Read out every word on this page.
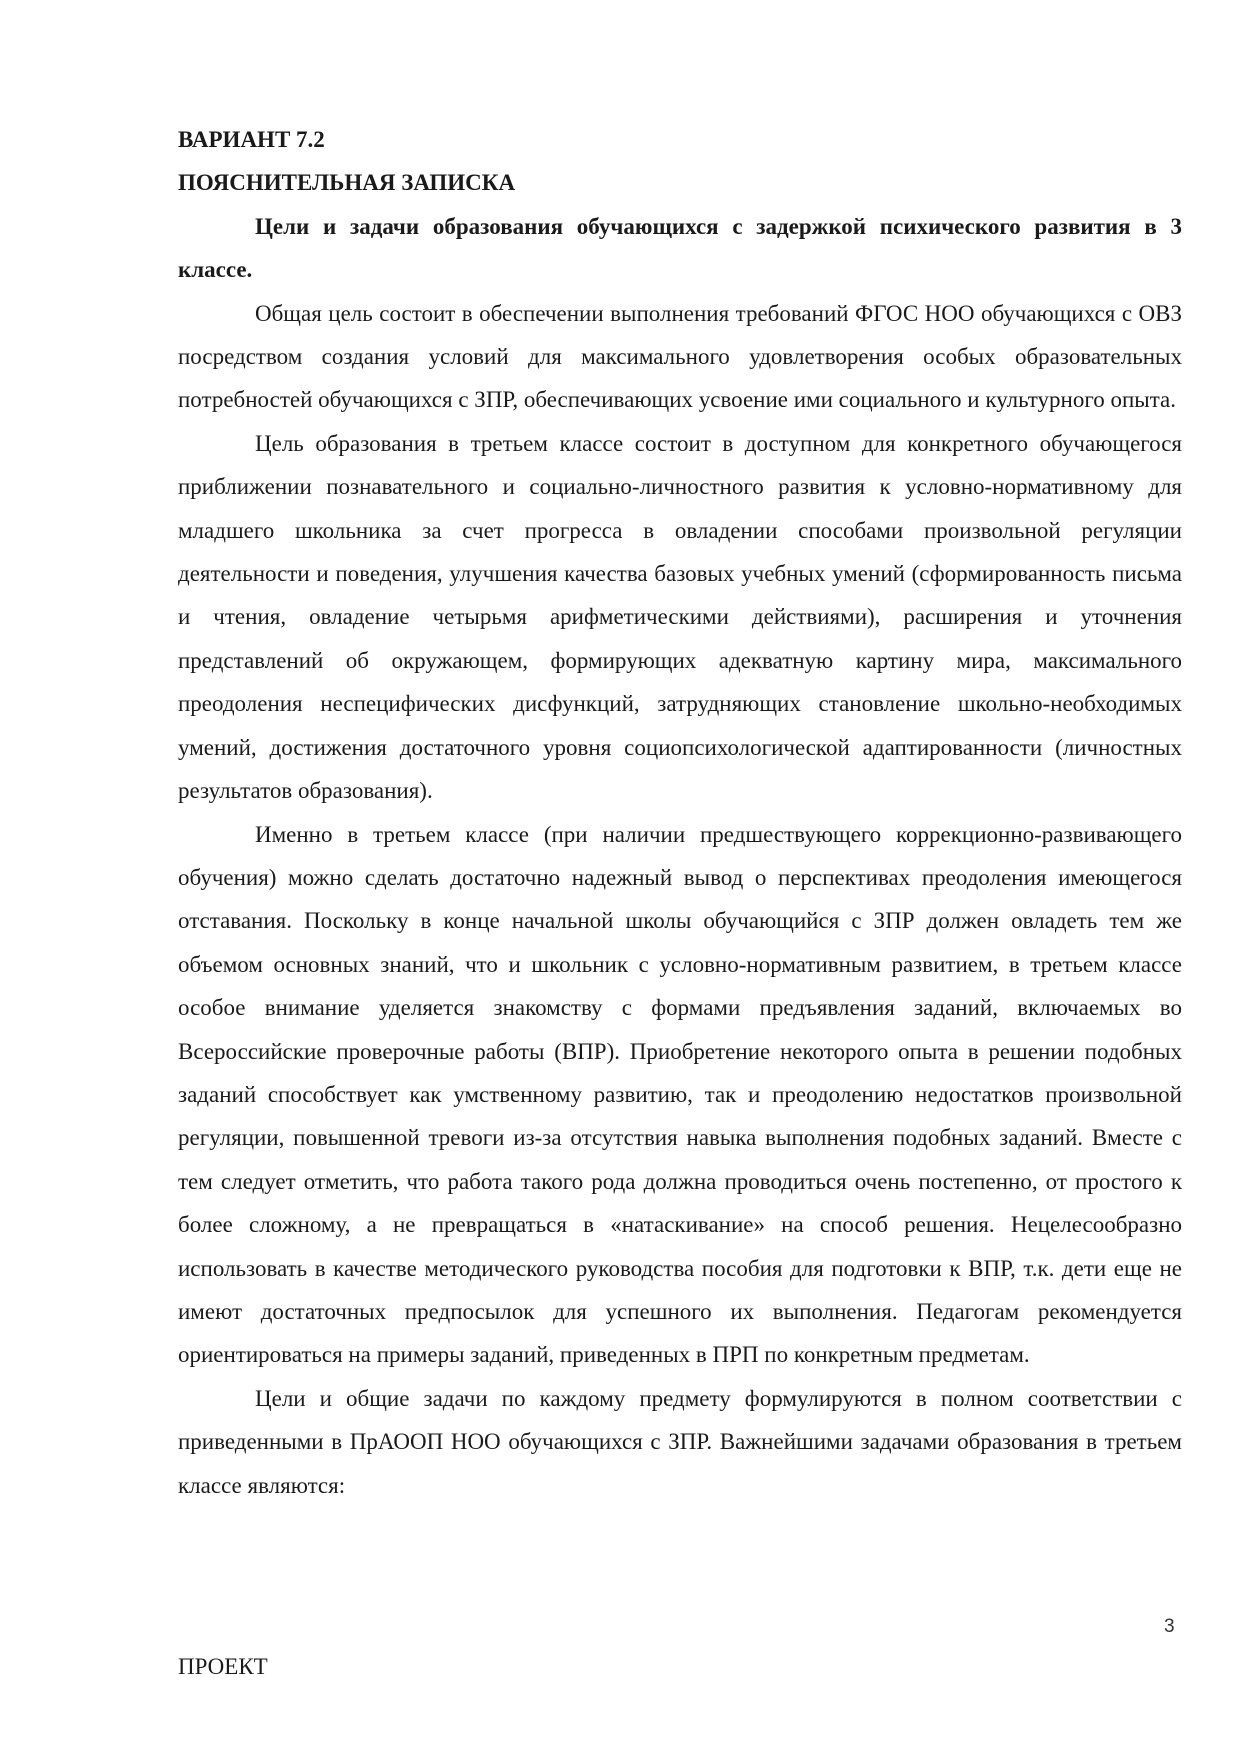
ВАРИАНТ 7.2

ПОЯСНИТЕЛЬНАЯ ЗАПИСКА

Цели и задачи образования обучающихся с задержкой психического развития в 3 классе.

Общая цель состоит в обеспечении выполнения требований ФГОС НОО обучающихся с ОВЗ посредством создания условий для максимального удовлетворения особых образовательных потребностей обучающихся с ЗПР, обеспечивающих усвоение ими социального и культурного опыта.

Цель образования в третьем классе состоит в доступном для конкретного обучающегося приближении познавательного и социально-личностного развития к условно-нормативному для младшего школьника за счет прогресса в овладении способами произвольной регуляции деятельности и поведения, улучшения качества базовых учебных умений (сформированность письма и чтения, овладение четырьмя арифметическими действиями), расширения и уточнения представлений об окружающем, формирующих адекватную картину мира, максимального преодоления неспецифических дисфункций, затрудняющих становление школьно-необходимых умений, достижения достаточного уровня социопсихологической адаптированности (личностных результатов образования).

Именно в третьем классе (при наличии предшествующего коррекционно-развивающего обучения) можно сделать достаточно надежный вывод о перспективах преодоления имеющегося отставания. Поскольку в конце начальной школы обучающийся с ЗПР должен овладеть тем же объемом основных знаний, что и школьник с условно-нормативным развитием, в третьем классе особое внимание уделяется знакомству с формами предъявления заданий, включаемых во Всероссийские проверочные работы (ВПР). Приобретение некоторого опыта в решении подобных заданий способствует как умственному развитию, так и преодолению недостатков произвольной регуляции, повышенной тревоги из-за отсутствия навыка выполнения подобных заданий. Вместе с тем следует отметить, что работа такого рода должна проводиться очень постепенно, от простого к более сложному, а не превращаться в «натаскивание» на способ решения. Нецелесообразно использовать в качестве методического руководства пособия для подготовки к ВПР, т.к. дети еще не имеют достаточных предпосылок для успешного их выполнения. Педагогам рекомендуется ориентироваться на примеры заданий, приведенных в ПРП по конкретным предметам.

Цели и общие задачи по каждому предмету формулируются в полном соответствии с приведенными в ПрАООП НОО обучающихся с ЗПР. Важнейшими задачами образования в третьем классе являются:

3
ПРОЕКТ
